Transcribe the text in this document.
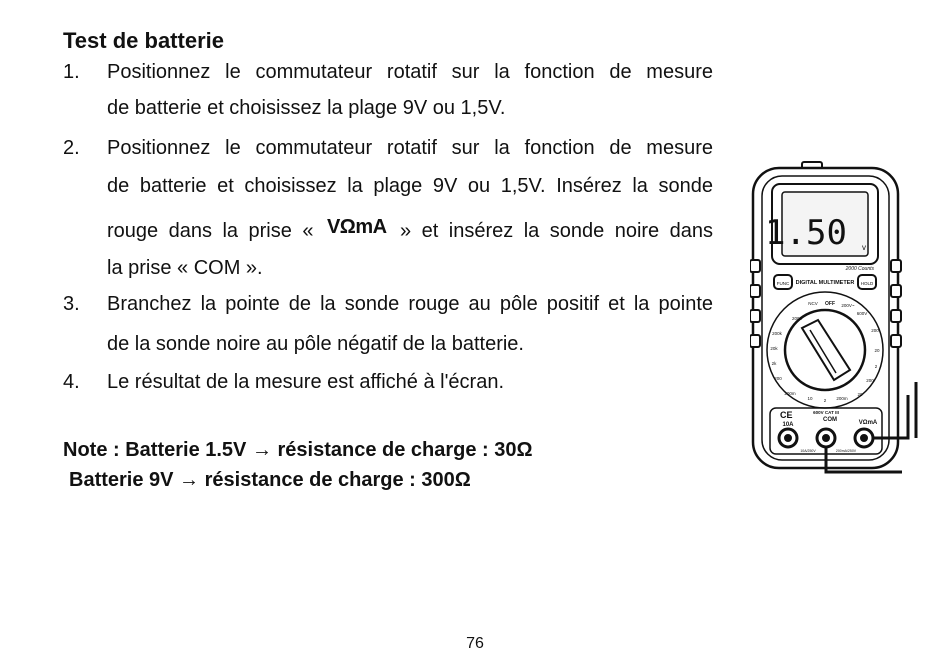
Test de batterie
1. Positionnez le commutateur rotatif sur la fonction de mesure
de batterie et choisissez la plage 9V ou 1,5V.
2. Positionnez le commutateur rotatif sur la fonction de mesure
de batterie et choisissez la plage 9V ou 1,5V. Insérez la sonde
rouge dans la prise « VΩmA » et insérez la sonde noire dans
la prise « COM ».
3. Branchez la pointe de la sonde rouge au pôle positif et la pointe
de la sonde noire au pôle négatif de la batterie.
4. Le résultat de la mesure est affiché à l'écran.
Note : Batterie 1.5V → résistance de charge : 30Ω
Batterie 9V → résistance de charge : 300Ω
1.50 v
2000 Counts
FUNC	HOLD
DIGITAL MULTIMETER
OFF
NCV	200V~
600V
200
20
2
200
20
200m
2000
200k
20k
2k
200
200m
10 2
CE	600V CAT III
10A
COM	VΩmA
10A/250V	200mA/250V
76
